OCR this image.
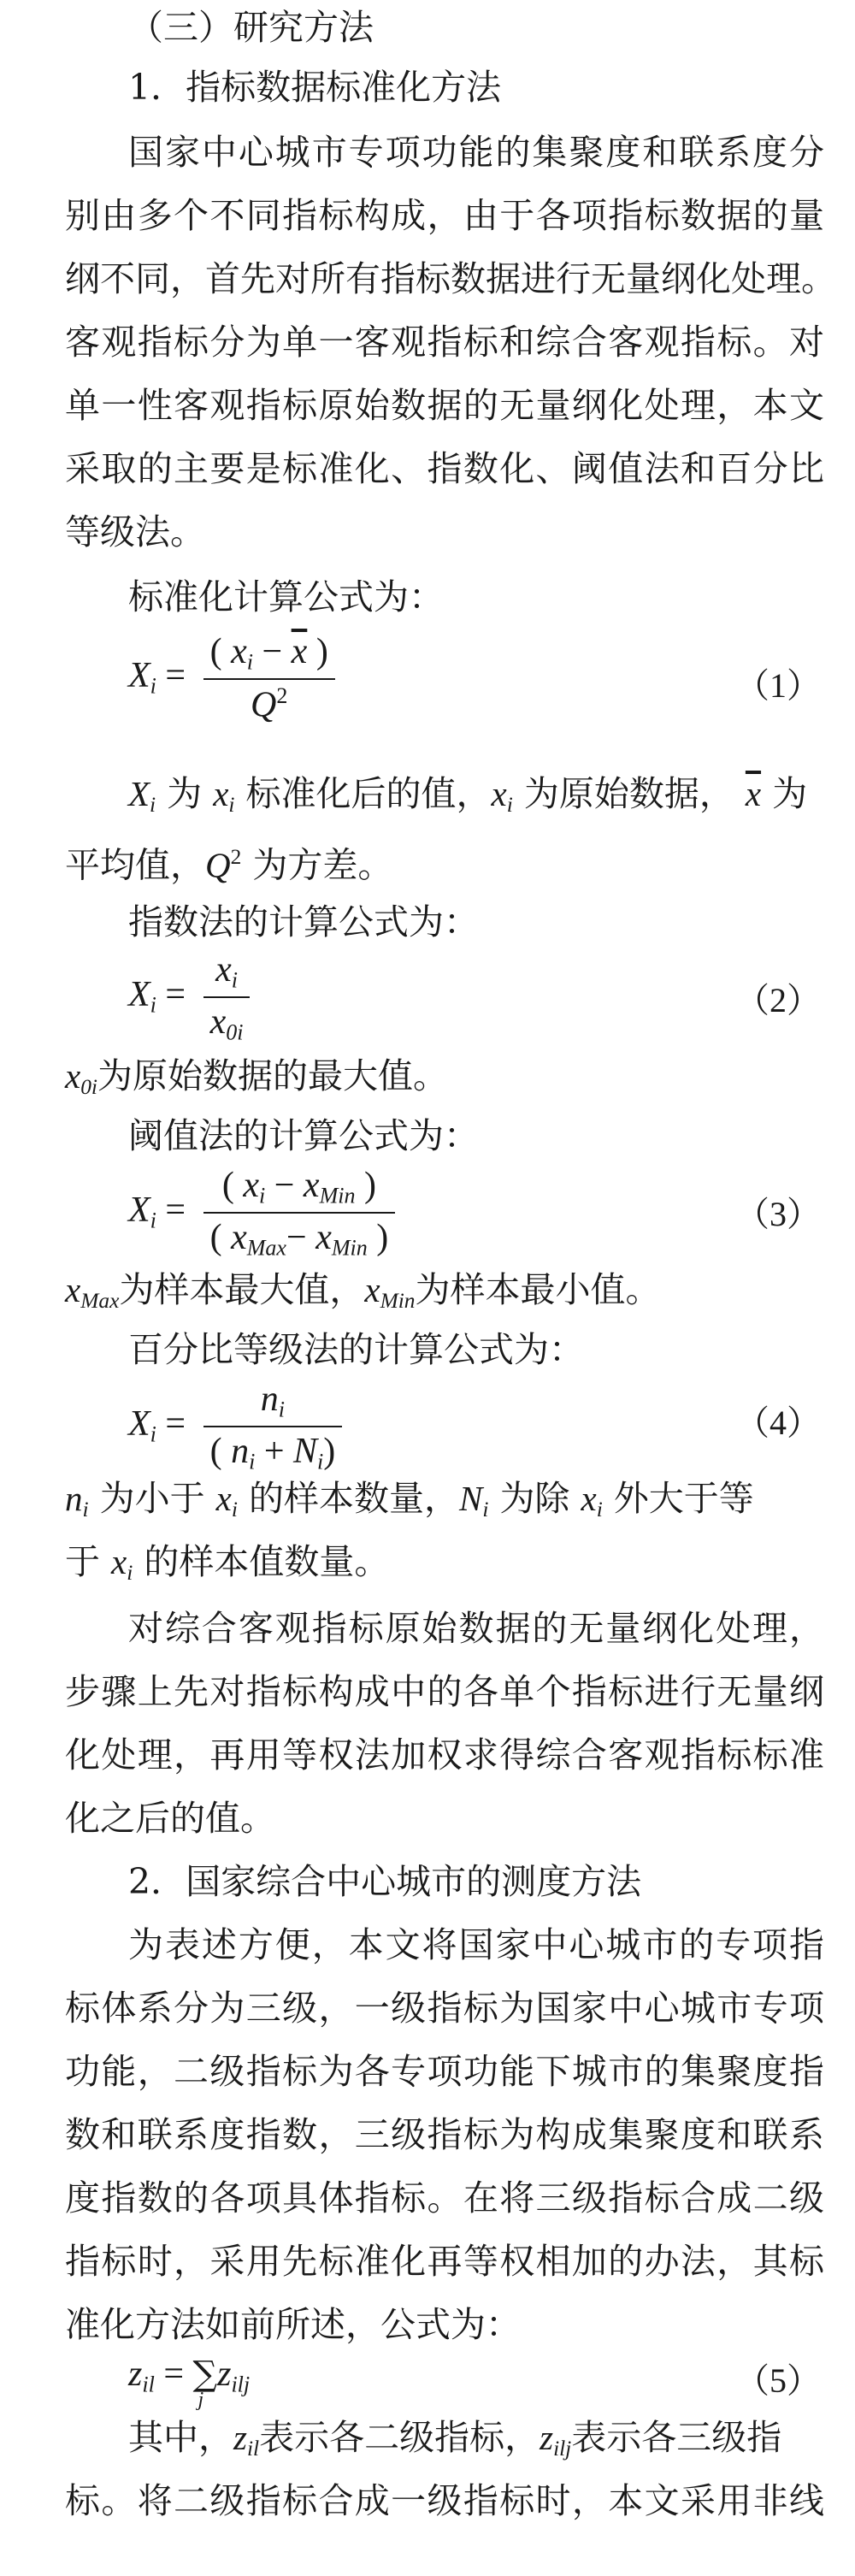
（三）研究方法
1．指标数据标准化方法
国家中心城市专项功能的集聚度和联系度分
别由多个不同指标构成，由于各项指标数据的量
纲不同，首先对所有指标数据进行无量纲化处理。
客观指标分为单一客观指标和综合客观指标。对
单一性客观指标原始数据的无量纲化处理，本文
采取的主要是标准化、指数化、阈值法和百分比
等级法。
标准化计算公式为：
$X_i = \frac{( x_i - \overline{x} )}{Q^2}$	（1）
$X_i$ 为 $x_i$ 标准化后的值，$x_i$ 为原始数据， $\overline{x}$ 为
平均值，$Q^2$ 为方差。
指数法的计算公式为：
$X_i = \frac{x_i}{x_{0i}}$	（2）
$x_{0i}$为原始数据的最大值。
阈值法的计算公式为：
$X_i = \frac{( x_i - x_{Min} )}{( x_{Max}- x_{Min} )}$	（3）
$x_{Max}$为样本最大值，$x_{Min}$为样本最小值。
百分比等级法的计算公式为：
$X_i = \frac{n_i}{( n_i + N_i)}$	（4）
$n_i$ 为小于 $x_i$ 的样本数量，$N_i$ 为除 $x_i$ 外大于等
于 $x_i$ 的样本值数量。
对综合客观指标原始数据的无量纲化处理，
步骤上先对指标构成中的各单个指标进行无量纲
化处理，再用等权法加权求得综合客观指标标准
化之后的值。
2．国家综合中心城市的测度方法
为表述方便，本文将国家中心城市的专项指
标体系分为三级，一级指标为国家中心城市专项
功能，二级指标为各专项功能下城市的集聚度指
数和联系度指数，三级指标为构成集聚度和联系
度指数的各项具体指标。在将三级指标合成二级
指标时，采用先标准化再等权相加的办法，其标
准化方法如前所述，公式为：
$z_{il}$ = ∑
j
$z_{ilj}$	（5）
其中，$z_{il}$表示各二级指标，$z_{ilj}$表示各三级指
标。将二级指标合成一级指标时，本文采用非线
